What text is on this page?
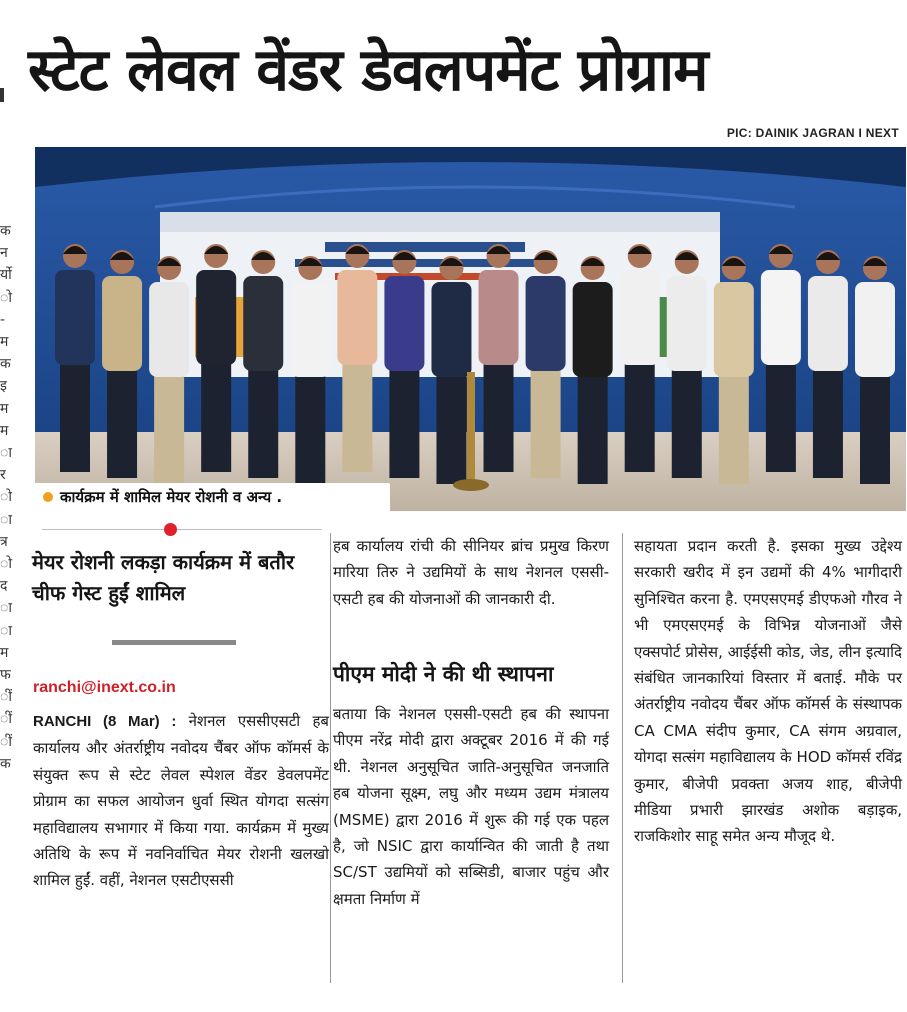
स्टेट लेवल वेंडर डेवलपमेंट प्रोग्राम
PIC: DAINIK JAGRAN I NEXT
क
न
र्यो
ो
-
म
क
इ
म
म
ा
र
ो
ा
त्र
ो
द
ा
ा
म
फ
ीं
ीं
ीं
क
कार्यक्रम में शामिल मेयर रोशनी व अन्य .
मेयर रोशनी लकड़ा कार्यक्रम में बतौर चीफ गेस्ट हुईं शामिल
ranchi@inext.co.in

RANCHI (8 Mar) : नेशनल एससीएसटी हब कार्यालय और अंतर्राष्ट्रीय नवोदय चैंबर ऑफ कॉमर्स के संयुक्त रूप से स्टेट लेवल स्पेशल वेंडर डेवलपमेंट प्रोग्राम का सफल आयोजन धुर्वा स्थित योगदा सत्संग महाविद्यालय सभागार में किया गया. कार्यक्रम में मुख्य अतिथि के रूप में नवनिर्वाचित मेयर रोशनी खलखो शामिल हुईं. वहीं, नेशनल एसटीएससी

हब कार्यालय रांची की सीनियर ब्रांच प्रमुख किरण मारिया तिरु ने उद्यमियों के साथ नेशनल एससी-एसटी हब की योजनाओं की जानकारी दी.

पीएम मोदी ने की थी स्थापना

बताया कि नेशनल एससी-एसटी हब की स्थापना पीएम नरेंद्र मोदी द्वारा अक्टूबर 2016 में की गई थी. नेशनल अनुसूचित जाति-अनुसूचित जनजाति हब योजना सूक्ष्म, लघु और मध्यम उद्यम मंत्रालय (MSME) द्वारा 2016 में शुरू की गई एक पहल है, जो NSIC द्वारा कार्यान्वित की जाती है तथा SC/ST उद्यमियों को सब्सिडी, बाजार पहुंच और क्षमता निर्माण में

सहायता प्रदान करती है. इसका मुख्य उद्देश्य सरकारी खरीद में इन उद्यमों की 4% भागीदारी सुनिश्चित करना है. एमएसएमई डीएफओ गौरव ने भी एमएसएमई के विभिन्न योजनाओं जैसे एक्सपोर्ट प्रोसेस, आईईसी कोड, जेड, लीन इत्यादि संबंधित जानकारियां विस्तार में बताई. मौके पर अंतर्राष्ट्रीय नवोदय चैंबर ऑफ कॉमर्स के संस्थापक CA CMA संदीप कुमार, CA संगम अग्रवाल, योगदा सत्संग महाविद्यालय के HOD कॉमर्स रविंद्र कुमार, बीजेपी प्रवक्ता अजय शाह, बीजेपी मीडिया प्रभारी झारखंड अशोक बड़ाइक, राजकिशोर साहू समेत अन्य मौजूद थे.
